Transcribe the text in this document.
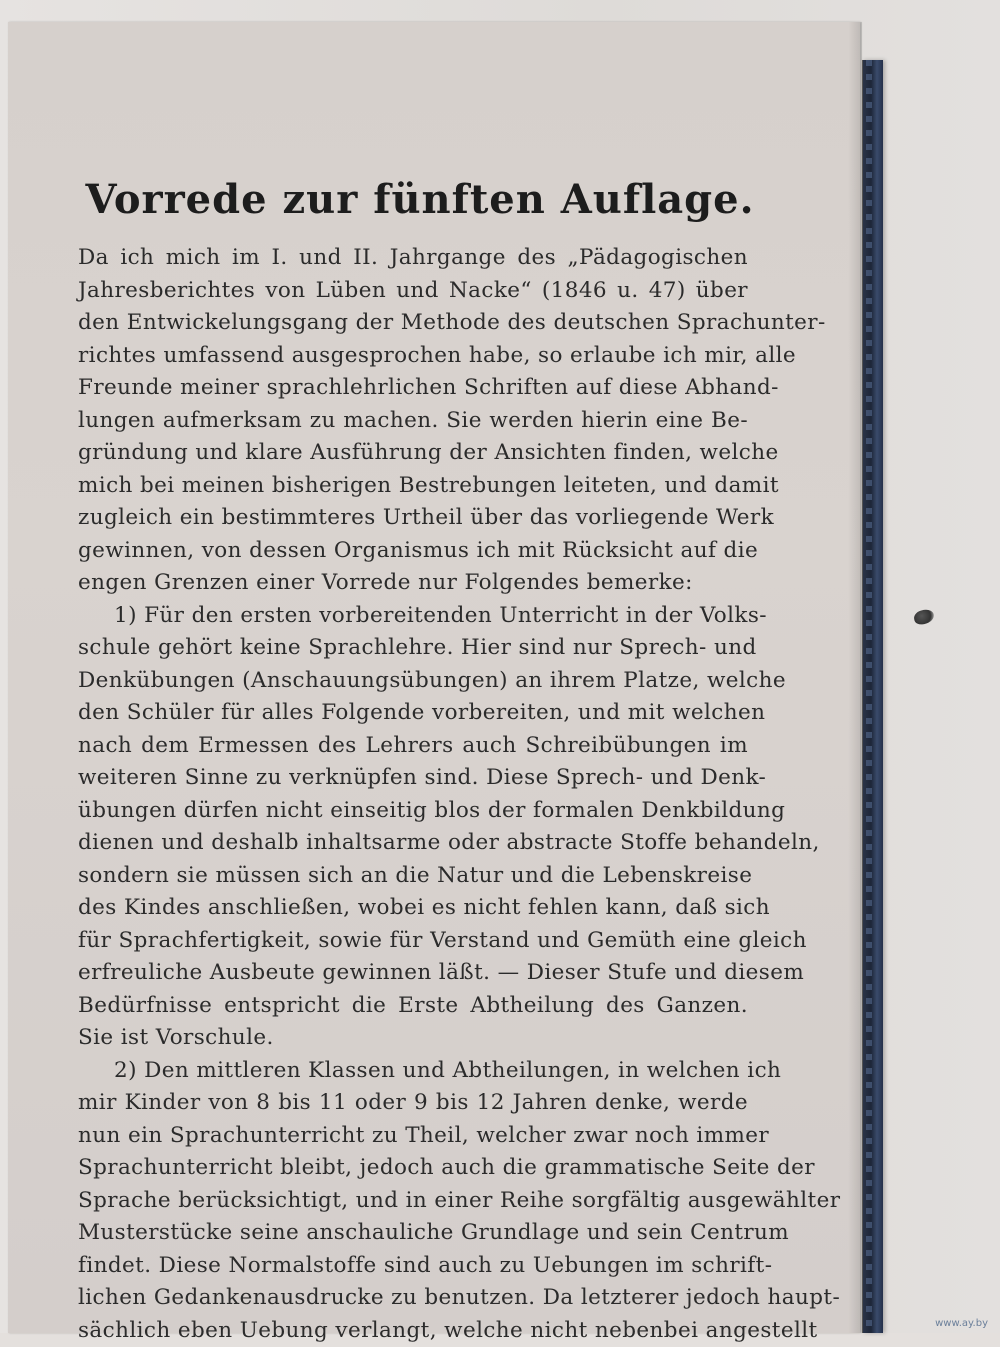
Vorrede zur fünften Auflage.
Da ich mich im I. und II. Jahrgange des „Pädagogischen
Jahresberichtes von Lüben und Nacke“ (1846 u. 47) über
den Entwickelungsgang der Methode des deutschen Sprachunter-
richtes umfassend ausgesprochen habe, so erlaube ich mir, alle
Freunde meiner sprachlehrlichen Schriften auf diese Abhand-
lungen aufmerksam zu machen. Sie werden hierin eine Be-
gründung und klare Ausführung der Ansichten finden, welche
mich bei meinen bisherigen Bestrebungen leiteten, und damit
zugleich ein bestimmteres Urtheil über das vorliegende Werk
gewinnen, von dessen Organismus ich mit Rücksicht auf die
engen Grenzen einer Vorrede nur Folgendes bemerke:
1) Für den ersten vorbereitenden Unterricht in der Volks-
schule gehört keine Sprachlehre. Hier sind nur Sprech- und
Denkübungen (Anschauungsübungen) an ihrem Platze, welche
den Schüler für alles Folgende vorbereiten, und mit welchen
nach dem Ermessen des Lehrers auch Schreibübungen im
weiteren Sinne zu verknüpfen sind. Diese Sprech- und Denk-
übungen dürfen nicht einseitig blos der formalen Denkbildung
dienen und deshalb inhaltsarme oder abstracte Stoffe behandeln,
sondern sie müssen sich an die Natur und die Lebenskreise
des Kindes anschließen, wobei es nicht fehlen kann, daß sich
für Sprachfertigkeit, sowie für Verstand und Gemüth eine gleich
erfreuliche Ausbeute gewinnen läßt. — Dieser Stufe und diesem
Bedürfnisse entspricht die Erste Abtheilung des Ganzen.
Sie ist Vorschule.
2) Den mittleren Klassen und Abtheilungen, in welchen ich
mir Kinder von 8 bis 11 oder 9 bis 12 Jahren denke, werde
nun ein Sprachunterricht zu Theil, welcher zwar noch immer
Sprachunterricht bleibt, jedoch auch die grammatische Seite der
Sprache berücksichtigt, und in einer Reihe sorgfältig ausgewählter
Musterstücke seine anschauliche Grundlage und sein Centrum
findet. Diese Normalstoffe sind auch zu Uebungen im schrift-
lichen Gedankenausdrucke zu benutzen. Da letzterer jedoch haupt-
sächlich eben Uebung verlangt, welche nicht nebenbei angestellt	www.ay.by
